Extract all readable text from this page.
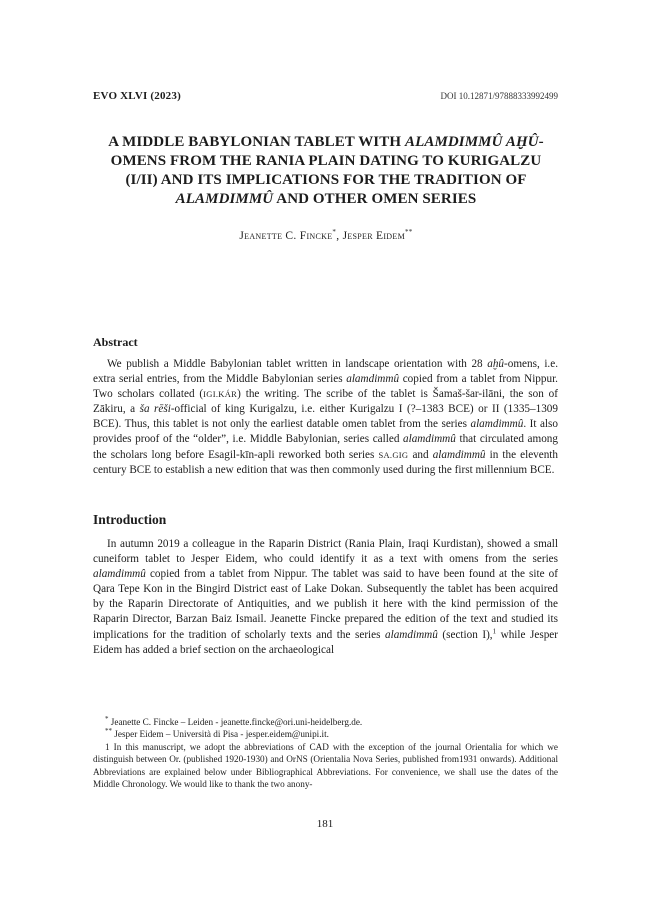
EVO XLVI (2023)	DOI 10.12871/97888333992499
A MIDDLE BABYLONIAN TABLET WITH ALAMDIMMÛ AḪÛ-
OMENS FROM THE RANIA PLAIN DATING TO KURIGALZU
(I/II) AND ITS IMPLICATIONS FOR THE TRADITION OF
ALAMDIMMÛ AND OTHER OMEN SERIES
Jeanette C. Fincke*, Jesper Eidem**
Abstract

We publish a Middle Babylonian tablet written in landscape orientation with 28 aḫû-omens, i.e. extra serial entries, from the Middle Babylonian series alamdimmû copied from a tablet from Nippur. Two scholars collated (IGI.KÁR) the writing. The scribe of the tablet is Šamaš-šar-ilāni, the son of Zākiru, a ša rēši-official of king Kurigalzu, i.e. either Kurigalzu I (?–1383 BCE) or II (1335–1309 BCE). Thus, this tablet is not only the earliest datable omen tablet from the series alamdimmû. It also provides proof of the “older”, i.e. Middle Babylonian, series called alamdimmû that circulated among the scholars long before Esagil-kīn-apli reworked both series SA.GIG and alamdimmû in the eleventh century BCE to establish a new edition that was then commonly used during the first millennium BCE.

Introduction

In autumn 2019 a colleague in the Raparin District (Rania Plain, Iraqi Kurdistan), showed a small cuneiform tablet to Jesper Eidem, who could identify it as a text with omens from the series alamdimmû copied from a tablet from Nippur. The tablet was said to have been found at the site of Qara Tepe Kon in the Bingird District east of Lake Dokan. Subsequently the tablet has been acquired by the Raparin Directorate of Antiquities, and we publish it here with the kind permission of the Raparin Director, Barzan Baiz Ismail. Jeanette Fincke prepared the edition of the text and studied its implications for the tradition of scholarly texts and the series alamdimmû (section I),$^1$ while Jesper Eidem has added a brief section on the archaeological

* Jeanette C. Fincke – Leiden - jeanette.fincke@ori.uni-heidelberg.de.

** Jesper Eidem – Università di Pisa - jesper.eidem@unipi.it.

1 In this manuscript, we adopt the abbreviations of CAD with the exception of the journal Orientalia for which we distinguish between Or. (published 1920-1930) and OrNS (Orientalia Nova Series, published from1931 onwards). Additional Abbreviations are explained below under Bibliographical Abbreviations. For convenience, we shall use the dates of the Middle Chronology. We would like to thank the two anony-

181
